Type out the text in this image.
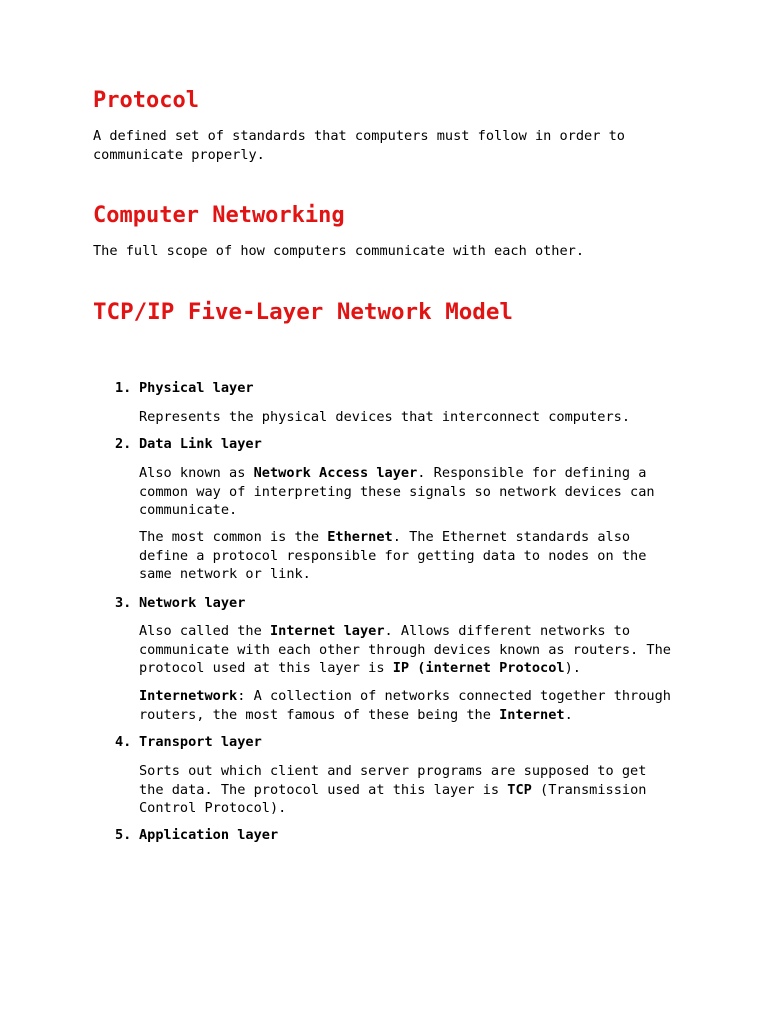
Protocol

A defined set of standards that computers must follow in order to communicate properly.

Computer Networking

The full scope of how computers communicate with each other.

TCP/IP Five-Layer Network Model
1. Physical layer

Represents the physical devices that interconnect computers.

2. Data Link layer

Also known as Network Access layer. Responsible for defining a common way of interpreting these signals so network devices can communicate.

The most common is the Ethernet. The Ethernet standards also define a protocol responsible for getting data to nodes on the same network or link.

3. Network layer

Also called the Internet layer. Allows different networks to communicate with each other through devices known as routers. The protocol used at this layer is IP (internet Protocol).

Internetwork: A collection of networks connected together through routers, the most famous of these being the Internet.

4. Transport layer

Sorts out which client and server programs are supposed to get the data. The protocol used at this layer is TCP (Transmission Control Protocol).

5. Application layer
